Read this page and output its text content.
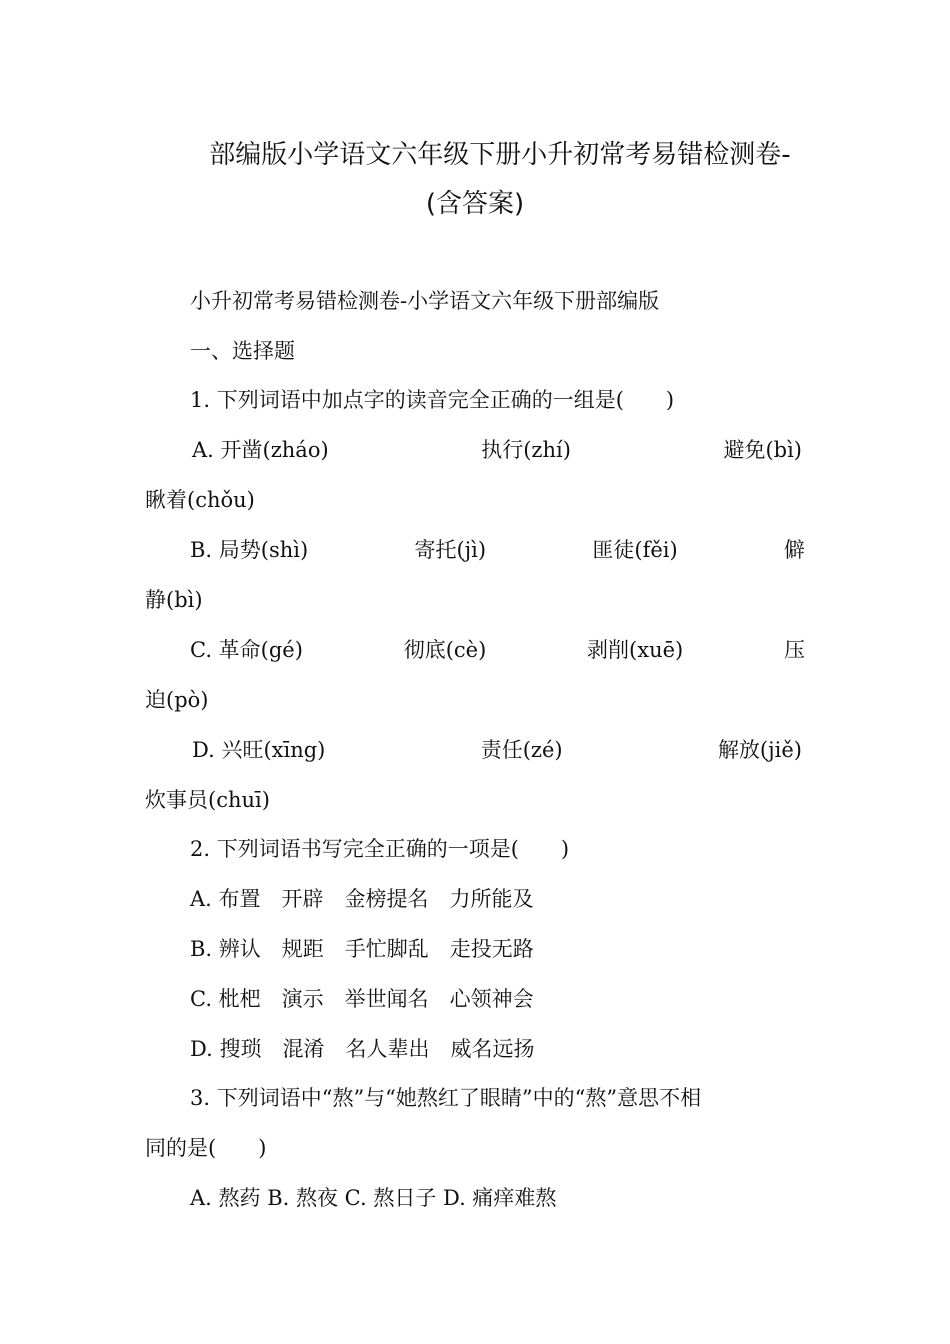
部编版小学语文六年级下册小升初常考易错检测卷-
(含答案)
小升初常考易错检测卷-小学语文六年级下册部编版
一、选择题
1. 下列词语中加点字的读音完全正确的一组是(　　)
A. 开凿(zháo)	执行(zhí)	避免(bì)
瞅着(chǒu)
B. 局势(shì)	寄托(jì)	匪徒(fěi)	僻
静(bì)
C. 革命(gé)	彻底(cè)	剥削(xuē)	压
迫(pò)
D. 兴旺(xīng)	责任(zé)	解放(jiě)
炊事员(chuī)
2. 下列词语书写完全正确的一项是(　　)
A. 布置　开辟　金榜提名　力所能及
B. 辨认　规距　手忙脚乱　走投无路
C. 枇杷　演示　举世闻名　心领神会
D. 搜琐　混淆　名人辈出　威名远扬
3. 下列词语中“熬”与“她熬红了眼睛”中的“熬”意思不相
同的是(　　)
A. 熬药 B. 熬夜 C. 熬日子 D. 痛痒难熬
